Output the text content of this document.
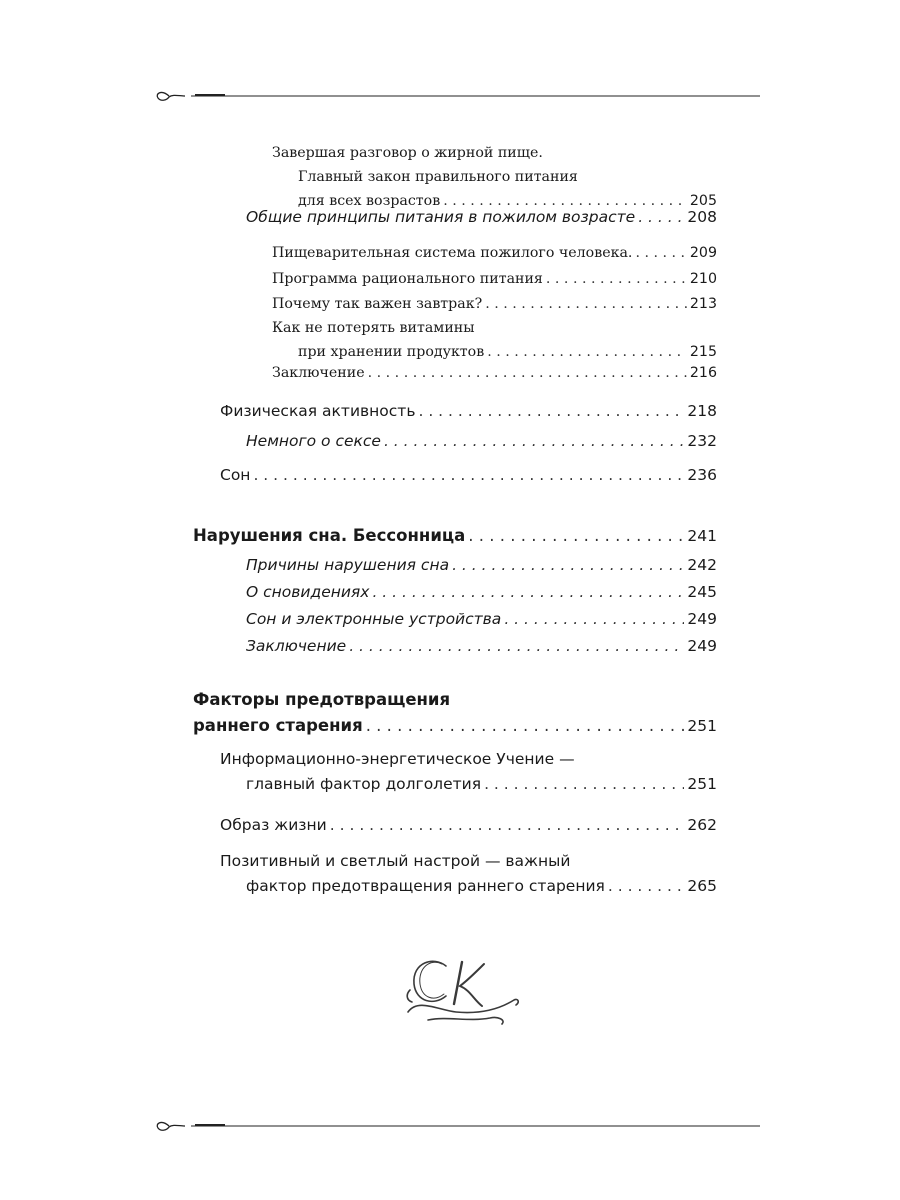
Завершая разговор о жирной пище.
Главный закон правильного питания
для всех возрастов . . .	205
Общие принципы питания в пожилом возрасте . . .	208
Пищеварительная система пожилого человека. . . .	209
Программа рационального питания . . .	210
Почему так важен завтрак? . . .	213
Как не потерять витамины
при хранении продуктов . . .	215
Заключение . . .	216
Физическая активность . . .	218
Немного о сексе . . .	232
Сон . . .	236
Нарушения сна. Бессонница . . .	241
Причины нарушения сна . . .	242
О сновидениях . . .	245
Сон и электронные устройства . . .	249
Заключение . . .	249
Факторы предотвращения
раннего старения . . .	251
Информационно-энергетическое Учение —
главный фактор долголетия . . .	251
Образ жизни . . .	262
Позитивный и светлый настрой — важный
фактор предотвращения раннего старения . . .	265
